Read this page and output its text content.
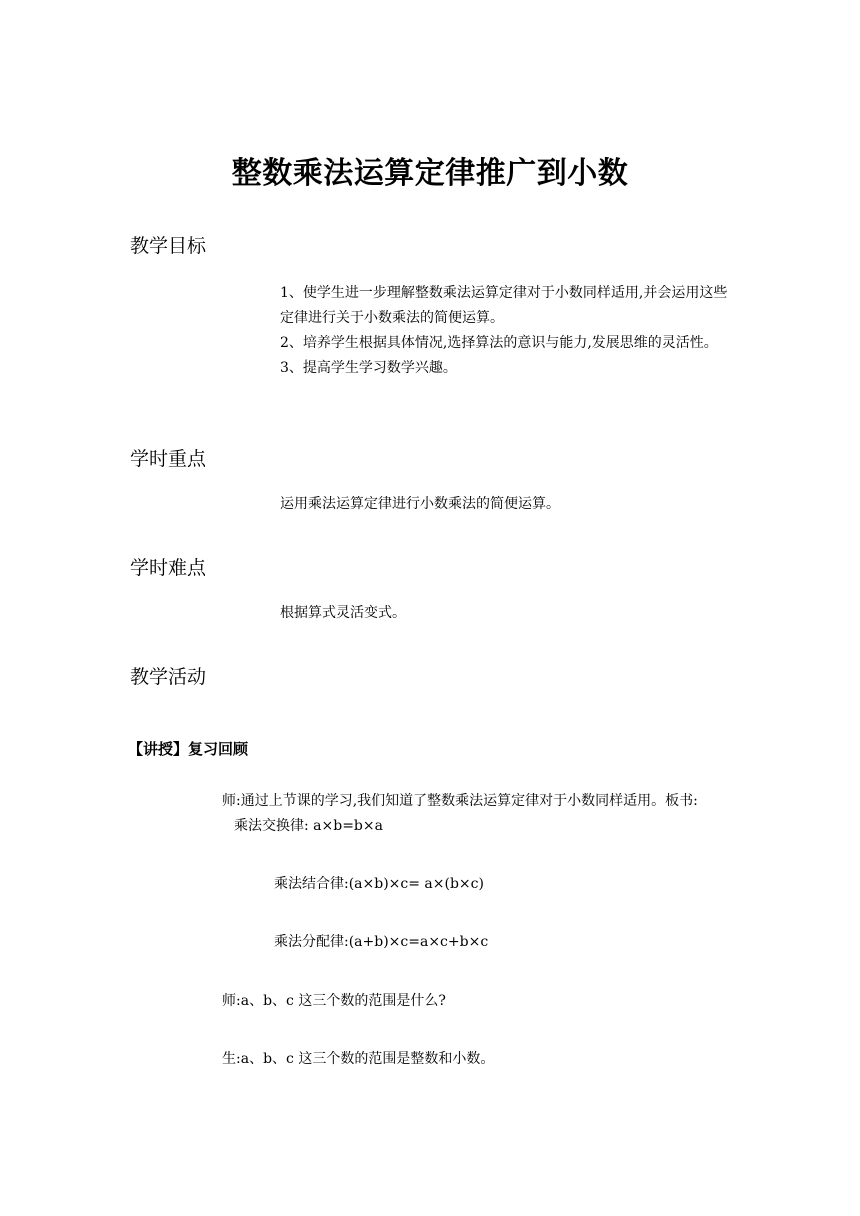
整数乘法运算定律推广到小数
教学目标

1、使学生进一步理解整数乘法运算定律对于小数同样适用,并会运用这些定律进行关于小数乘法的简便运算。

2、培养学生根据具体情况,选择算法的意识与能力,发展思维的灵活性。

3、提高学生学习数学兴趣。

学时重点

运用乘法运算定律进行小数乘法的简便运算。

学时难点

根据算式灵活变式。

教学活动
【讲授】复习回顾

师:通过上节课的学习,我们知道了整数乘法运算定律对于小数同样适用。板书:

乘法交换律: a×b=b×a

乘法结合律:(a×b)×c= a×(b×c)

乘法分配律:(a+b)×c=a×c+b×c

师:a、b、c 这三个数的范围是什么?

生:a、b、c 这三个数的范围是整数和小数。
